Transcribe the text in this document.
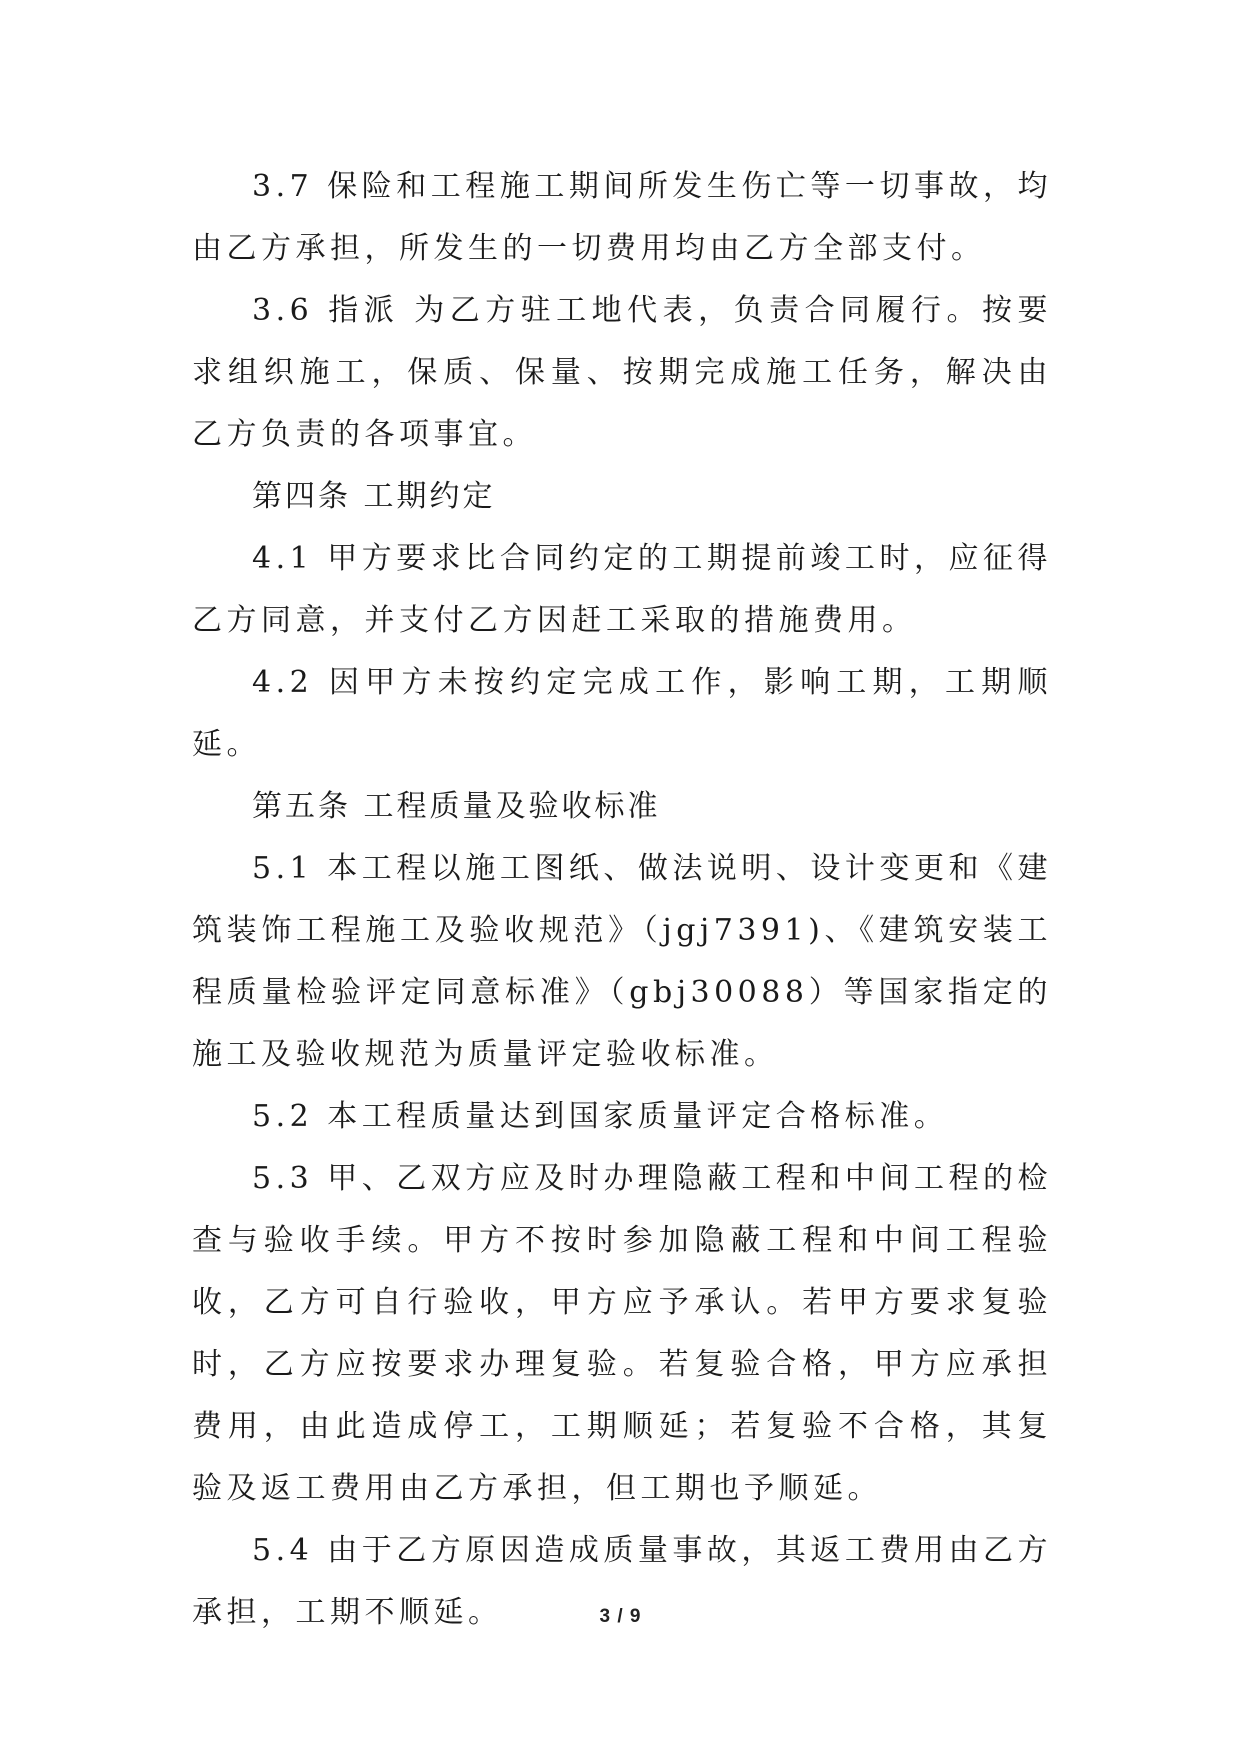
3.7 保险和工程施工期间所发生伤亡等一切事故，均由乙方承担，所发生的一切费用均由乙方全部支付。

3.6 指派 为乙方驻工地代表，负责合同履行。按要求组织施工，保质、保量、按期完成施工任务，解决由乙方负责的各项事宜。

第四条 工期约定

4.1 甲方要求比合同约定的工期提前竣工时，应征得乙方同意，并支付乙方因赶工采取的措施费用。

4.2 因甲方未按约定完成工作，影响工期，工期顺延。

第五条 工程质量及验收标准

5.1 本工程以施工图纸、做法说明、设计变更和《建筑装饰工程施工及验收规范》（jgj7391)、《建筑安装工程质量检验评定同意标准》（gbj30088）等国家指定的施工及验收规范为质量评定验收标准。

5.2 本工程质量达到国家质量评定合格标准。

5.3 甲、乙双方应及时办理隐蔽工程和中间工程的检查与验收手续。甲方不按时参加隐蔽工程和中间工程验收，乙方可自行验收，甲方应予承认。若甲方要求复验时，乙方应按要求办理复验。若复验合格，甲方应承担费用，由此造成停工，工期顺延；若复验不合格，其复验及返工费用由乙方承担，但工期也予顺延。

5.4 由于乙方原因造成质量事故，其返工费用由乙方承担，工期不顺延。	3 / 9
